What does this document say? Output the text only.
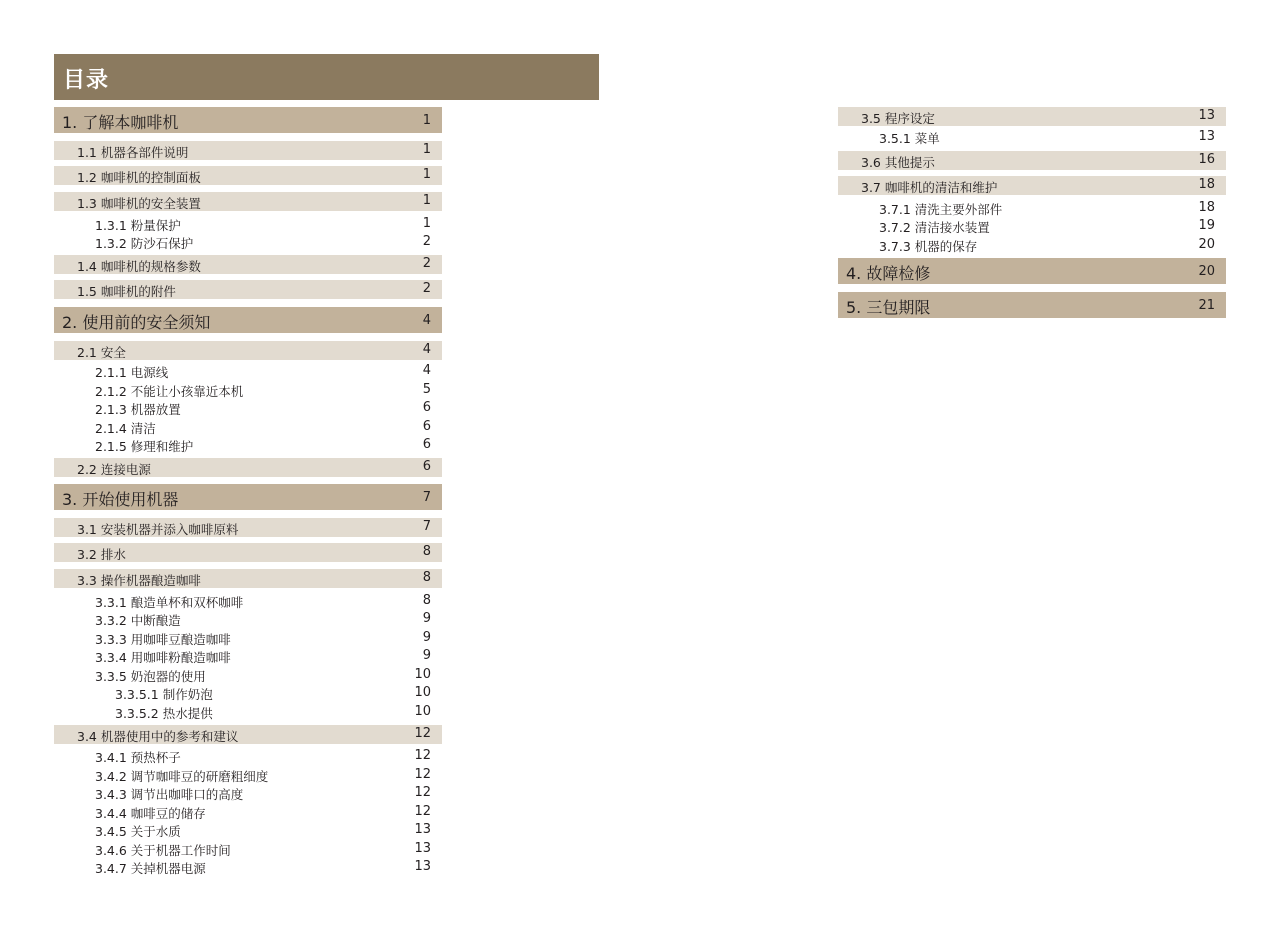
目录
1. 了解本咖啡机	1
1.1 机器各部件说明	1
1.2 咖啡机的控制面板	1
1.3 咖啡机的安全装置	1
1.3.1 粉量保护	1
1.3.2 防沙石保护	2
1.4 咖啡机的规格参数	2
1.5 咖啡机的附件	2
2. 使用前的安全须知	4
2.1 安全	4
2.1.1 电源线	4
2.1.2 不能让小孩靠近本机	5
2.1.3 机器放置	6
2.1.4 清洁	6
2.1.5 修理和维护	6
2.2 连接电源	6
3. 开始使用机器	7
3.1 安装机器并添入咖啡原料	7
3.2 排水	8
3.3 操作机器酿造咖啡	8
3.3.1 酿造单杯和双杯咖啡	8
3.3.2 中断酿造	9
3.3.3 用咖啡豆酿造咖啡	9
3.3.4 用咖啡粉酿造咖啡	9
3.3.5 奶泡器的使用	10
3.3.5.1 制作奶泡	10
3.3.5.2 热水提供	10
3.4 机器使用中的参考和建议	12
3.4.1 预热杯子	12
3.4.2 调节咖啡豆的研磨粗细度	12
3.4.3 调节出咖啡口的高度	12
3.4.4 咖啡豆的储存	12
3.4.5 关于水质	13
3.4.6 关于机器工作时间	13
3.4.7 关掉机器电源	13
3.5 程序设定	13
3.5.1 菜单	13
3.6 其他提示	16
3.7 咖啡机的清洁和维护	18
3.7.1 清洗主要外部件	18
3.7.2 清洁接水装置	19
3.7.3 机器的保存	20
4. 故障检修	20
5. 三包期限	21
